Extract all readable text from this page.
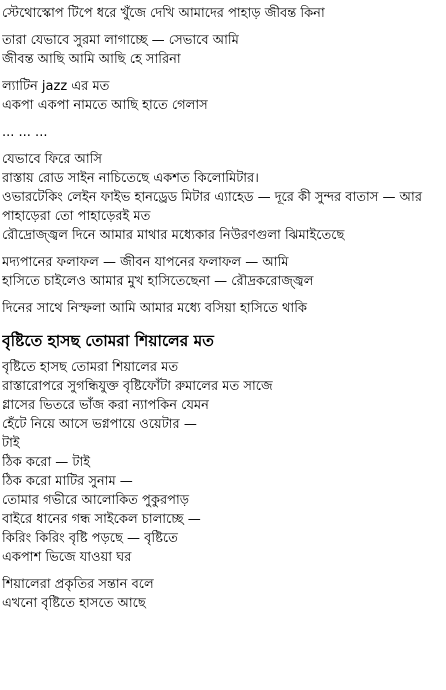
স্টেথোস্কোপ টিপে ধরে খুঁজে দেখি আমাদের পাহাড় জীবন্ত কিনা
তারা যেভাবে সুরমা লাগাচ্ছে — সেভাবে আমি
জীবন্ত আছি আমি আছি হে সারিনা
ল্যাটিন jazz এর মত
একপা একপা নামতে আছি হাতে গেলাস
... ... ...
যেভাবে ফিরে আসি
রাস্তায় রোড সাইন নাচিতেছে একশত কিলোমিটার।
ওভারটেকিং লেইন ফাইভ হানড্রেড মিটার এ্যাহেড — দূরে কী সুন্দর বাতাস — আর
পাহাড়েরা তো পাহাড়েরই মত
রৌদ্রোজ্জ্বল দিনে আমার মাথার মধ্যেকার নিউরণগুলা ঝিমাইতেছে
মদ্যপানের ফলাফল — জীবন যাপনের ফলাফল — আমি
হাসিতে চাইলেও আমার মুখ হাসিতেছেনা — রৌদ্রকরোজ্জ্বল
দিনের সাথে নিস্ফলা আমি আমার মধ্যে বসিয়া হাসিতে থাকি
বৃষ্টিতে হাসছ তোমরা শিয়ালের মত
বৃষ্টিতে হাসছ তোমরা শিয়ালের মত
রাস্তারোপরে সুগন্ধিযুক্ত বৃষ্টিফোঁটা রুমালের মত সাজে
গ্লাসের ভিতরে ভাঁজ করা ন্যাপকিন যেমন
হেঁটে নিয়ে আসে ভগ্নপায়ে ওয়েটার —
টাই
ঠিক করো — টাই
ঠিক করো মাটির সুনাম —
তোমার গভীরে আলোকিত পুকুরপাড়
বাইরে ধানের গন্ধ সাইকেল চালাচ্ছে —
কিরিং কিরিং বৃষ্টি পড়ছে — বৃষ্টিতে
একপাশ ভিজে যাওয়া ঘর
শিয়ালেরা প্রকৃতির সন্তান বলে
এখনো বৃষ্টিতে হাসতে আছে
